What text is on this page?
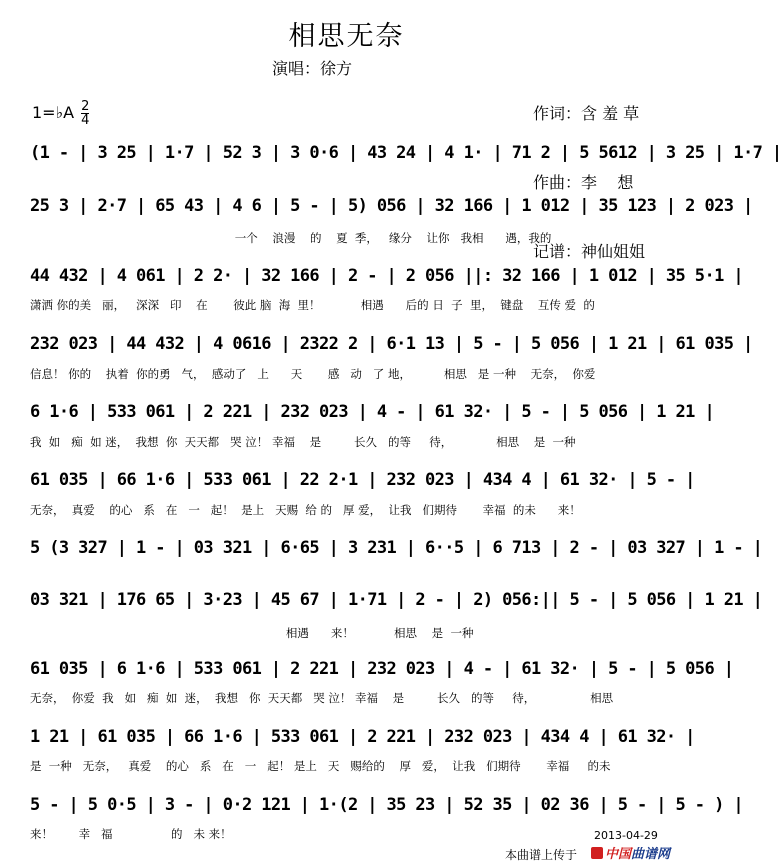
相思无奈
演唱：徐方

作词：含 羞 草

作曲：李    想

记谱：神仙姐姐

1=♭A $\frac{2}{4}$
(1 - | 3 25 | 1·7 | 52 3 | 3 0·6 | 43 24 | 4 1· | 71 2 | 5 5612 | 3 25 | 1·7 |
25 3 | 2·7 | 65 43 | 4 6 | 5 - | 5) 056 | 32 166 | 1 012 | 35 123 | 2 023 |
一个    浪漫    的    夏  季，   缘分    让你   我相      遇，我的
44 432 | 4 061 | 2 2· | 32 166 | 2 - | 2 056 ||: 32 166 | 1 012 | 35 5·1 |
潇洒 你的美   丽，   深深   印    在       彼此 脑  海  里！           相遇      后的 日  子  里，  键盘    互传 爱  的
232 023 | 44 432 | 4 0616 | 2322 2 | 6·1 13 | 5 - | 5 056 | 1 21 | 61 035 |
信息！ 你的    执着  你的勇   气，  感动了   上      天       感   动   了 地，         相思   是 一种    无奈，  你爱
6 1·6 | 533 061 | 2 221 | 232 023 | 4 - | 61 32· | 5 - | 5 056 | 1 21 |
我  如   痴  如 迷，  我想  你  天天都   哭 泣！ 幸福    是         长久   的等     待，            相思    是  一种
61 035 | 66 1·6 | 533 061 | 22 2·1 | 232 023 | 434 4 | 61 32· | 5 - |
无奈，  真爱    的心   系   在   一   起！  是上   天赐  给 的   厚 爱，  让我   们期待       幸福  的未      来！
5 (3 327 | 1 - | 03 321 | 6·65 | 3 231 | 6··5 | 6 713 | 2 - | 03 327 | 1 - |
03 321 | 176 65 | 3·23 | 45 67 | 1·71 | 2 - | 2) 056:|| 5 - | 5 056 | 1 21 |
相遇      来！           相思    是  一种
61 035 | 6 1·6 | 533 061 | 2 221 | 232 023 | 4 - | 61 32· | 5 - | 5 056 |
无奈，  你爱  我   如   痴  如  迷，  我想   你  天天都   哭 泣！ 幸福    是         长久   的等     待，               相思
1 21 | 61 035 | 66 1·6 | 533 061 | 2 221 | 232 023 | 434 4 | 61 32· |
是  一种   无奈，   真爱    的心   系   在   一   起！ 是上   天   赐给的    厚   爱，  让我   们期待       幸福     的未
5 - | 5 0·5 | 3 - | 0·2 121 | 1·(2 | 35 23 | 52 35 | 02 36 | 5 - | 5 - ) |
来！       幸   福                的   未 来！	2013-04-29
本曲谱上传于	中国曲谱网
